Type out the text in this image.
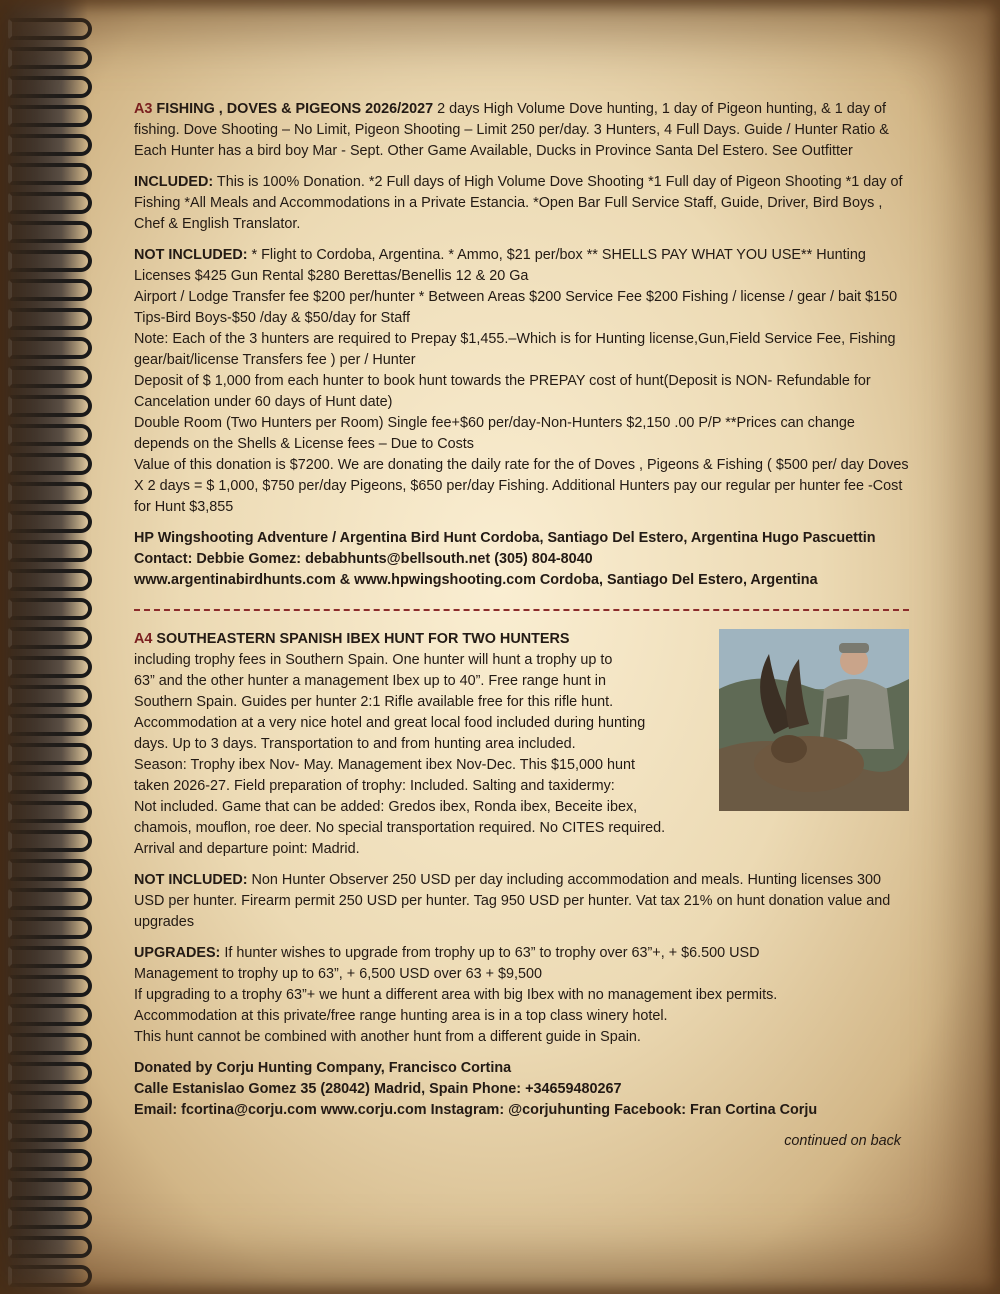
A3 FISHING , DOVES & PIGEONS 2026/2027 2 days High Volume Dove hunting, 1 day of Pigeon hunting, & 1 day of fishing. Dove Shooting – No Limit, Pigeon Shooting – Limit 250 per/day. 3 Hunters, 4 Full Days. Guide / Hunter Ratio & Each Hunter has a bird boy Mar - Sept. Other Game Available, Ducks in Province Santa Del Estero. See Outfitter

INCLUDED: This is 100% Donation. *2 Full days of High Volume Dove Shooting *1 Full day of Pigeon Shooting *1 day of Fishing *All Meals and Accommodations in a Private Estancia. *Open Bar Full Service Staff, Guide, Driver, Bird Boys , Chef & English Translator.

NOT INCLUDED: * Flight to Cordoba, Argentina. * Ammo, $21 per/box ** SHELLS PAY WHAT YOU USE** Hunting Licenses $425 Gun Rental $280 Berettas/Benellis 12 & 20 Ga
Airport / Lodge Transfer fee $200 per/hunter * Between Areas $200 Service Fee $200 Fishing / license / gear / bait $150 Tips-Bird Boys-$50 /day & $50/day for Staff
Note: Each of the 3 hunters are required to Prepay $1,455.–Which is for Hunting license,Gun,Field Service Fee, Fishing gear/bait/license Transfers fee ) per / Hunter
Deposit of $ 1,000 from each hunter to book hunt towards the PREPAY cost of hunt(Deposit is NON- Refundable for Cancelation under 60 days of Hunt date)
Double Room (Two Hunters per Room) Single fee+$60 per/day-Non-Hunters $2,150 .00 P/P **Prices can change depends on the Shells & License fees – Due to Costs
Value of this donation is $7200. We are donating the daily rate for the of Doves , Pigeons & Fishing ( $500 per/ day Doves X 2 days = $ 1,000, $750 per/day Pigeons, $650 per/day Fishing. Additional Hunters pay our regular per hunter fee -Cost for Hunt $3,855

HP Wingshooting Adventure / Argentina Bird Hunt Cordoba, Santiago Del Estero, Argentina Hugo Pascuettin
Contact: Debbie Gomez: debabhunts@bellsouth.net (305) 804-8040
www.argentinabirdhunts.com & www.hpwingshooting.com Cordoba, Santiago Del Estero, Argentina

A4 SOUTHEASTERN SPANISH IBEX HUNT FOR TWO HUNTERS
including trophy fees in Southern Spain. One hunter will hunt a trophy up to
63” and the other hunter a management Ibex up to 40”. Free range hunt in
Southern Spain. Guides per hunter 2:1 Rifle available free for this rifle hunt.
Accommodation at a very nice hotel and great local food included during hunting
days. Up to 3 days. Transportation to and from hunting area included.
Season: Trophy ibex Nov- May. Management ibex Nov-Dec. This $15,000 hunt
taken 2026-27. Field preparation of trophy: Included. Salting and taxidermy:
Not included. Game that can be added: Gredos ibex, Ronda ibex, Beceite ibex,
chamois, mouflon, roe deer. No special transportation required. No CITES required.
Arrival and departure point: Madrid.

NOT INCLUDED: Non Hunter Observer 250 USD per day including accommodation and meals. Hunting licenses 300 USD per hunter. Firearm permit 250 USD per hunter. Tag 950 USD per hunter. Vat tax 21% on hunt donation value and upgrades

UPGRADES: If hunter wishes to upgrade from trophy up to 63” to trophy over 63”+, + $6.500 USD
Management to trophy up to 63”, + 6,500 USD over 63 + $9,500
If upgrading to a trophy 63”+ we hunt a different area with big Ibex with no management ibex permits.
Accommodation at this private/free range hunting area is in a top class winery hotel.
This hunt cannot be combined with another hunt from a different guide in Spain.

Donated by Corju Hunting Company, Francisco Cortina
Calle Estanislao Gomez 35 (28042) Madrid, Spain Phone: +34659480267
Email: fcortina@corju.com www.corju.com Instagram: @corjuhunting Facebook: Fran Cortina Corju

continued on back
